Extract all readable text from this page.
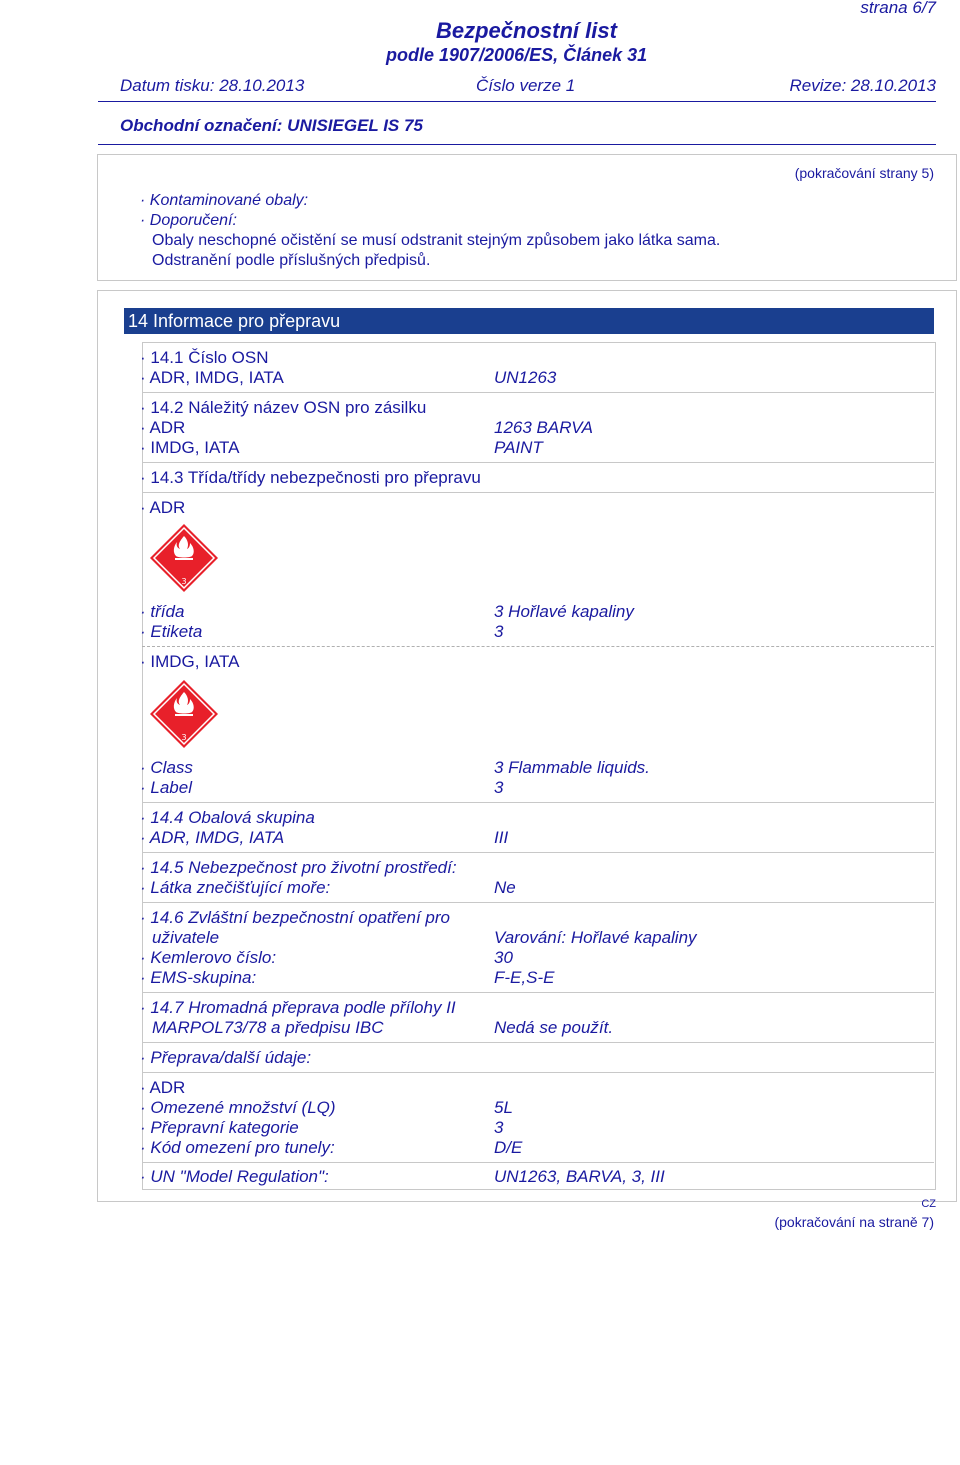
strana 6/7
Bezpečnostní list
podle 1907/2006/ES, Článek 31
Datum tisku: 28.10.2013	Číslo verze 1	Revize: 28.10.2013
Obchodní označení: UNISIEGEL IS 75
(pokračování strany 5)
· Kontaminované obaly:
· Doporučení:
Obaly neschopné očistění se musí odstranit stejným způsobem jako látka sama.
Odstranění podle příslušných předpisů.
14 Informace pro přepravu
· 14.1 Číslo OSN
· ADR, IMDG, IATA	UN1263
· 14.2 Náležitý název OSN pro zásilku
· ADR	1263 BARVA
· IMDG, IATA	PAINT
· 14.3 Třída/třídy nebezpečnosti pro přepravu
· ADR
3
· třída	3 Hořlavé kapaliny
· Etiketa	3
· IMDG, IATA
3
· Class	3 Flammable liquids.
· Label	3
· 14.4 Obalová skupina
· ADR, IMDG, IATA	III
· 14.5 Nebezpečnost pro životní prostředí:
· Látka znečišťující moře:	Ne
· 14.6 Zvláštní bezpečnostní opatření pro
uživatele	Varování: Hořlavé kapaliny
· Kemlerovo číslo:	30
· EMS-skupina:	F-E,S-E
· 14.7 Hromadná přeprava podle přílohy II
MARPOL73/78 a předpisu IBC	Nedá se použít.
· Přeprava/další údaje:
· ADR
· Omezené množství (LQ)	5L
· Přepravní kategorie	3
· Kód omezení pro tunely:	D/E
· UN "Model Regulation":	UN1263, BARVA, 3, III
CZ
(pokračování na straně 7)
